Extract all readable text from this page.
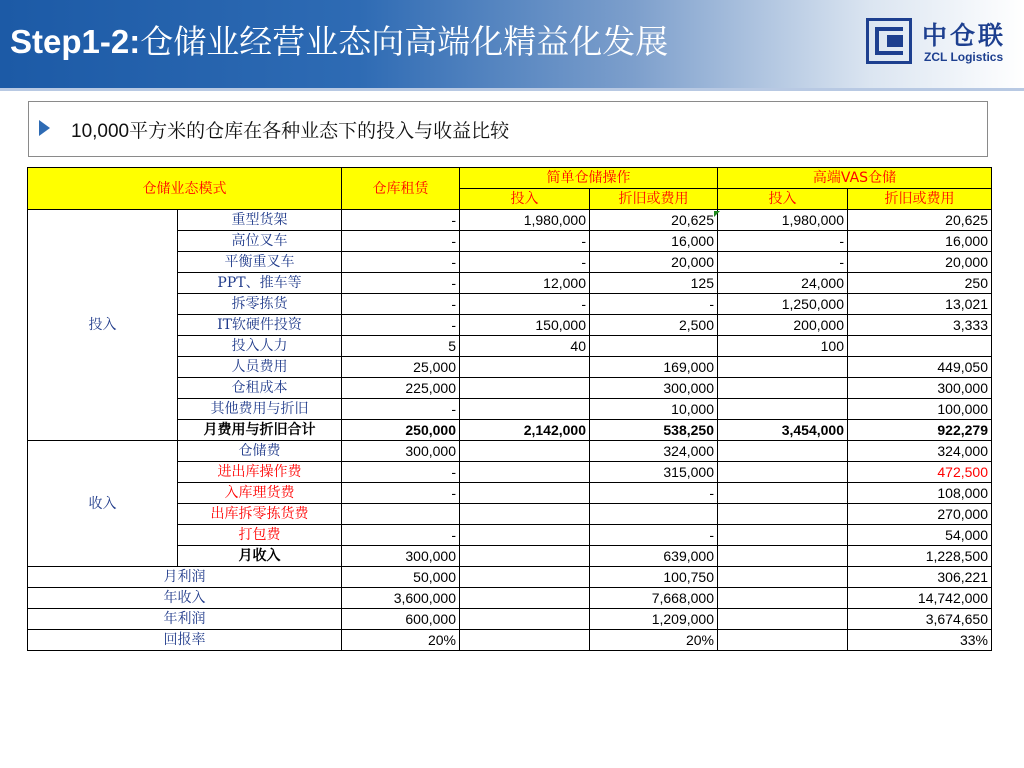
Step1-2:仓储业经营业态向高端化精益化发展	中仓联
ZCL Logistics
10,000平方米的仓库在各种业态下的投入与收益比较
仓储业态模式		仓库租赁	简单仓储操作		高端VAS仓储	
			投入	折旧或费用	投入	折旧或费用
投入	重型货架	-	1,980,000	20,625	1,980,000	20,625
	高位叉车	-	-	16,000	-	16,000
	平衡重叉车	-	-	20,000	-	20,000
	PPT、推车等	-	12,000	125	24,000	250
	拆零拣货	-	-	-	1,250,000	13,021
	IT软硬件投资	-	150,000	2,500	200,000	3,333
	投入人力	5	40		100	
	人员费用	25,000		169,000		449,050
	仓租成本	225,000		300,000		300,000
	其他费用与折旧	-		10,000		100,000
	月费用与折旧合计	250,000	2,142,000	538,250	3,454,000	922,279
收入	仓储费	300,000		324,000		324,000
	进出库操作费	-		315,000		472,500
	入库理货费	-		-		108,000
	出库拆零拣货费					270,000
	打包费	-		-		54,000
	月收入	300,000		639,000		1,228,500
月利润		50,000		100,750		306,221
年收入		3,600,000		7,668,000		14,742,000
年利润		600,000		1,209,000		3,674,650
回报率		20%		20%		33%
